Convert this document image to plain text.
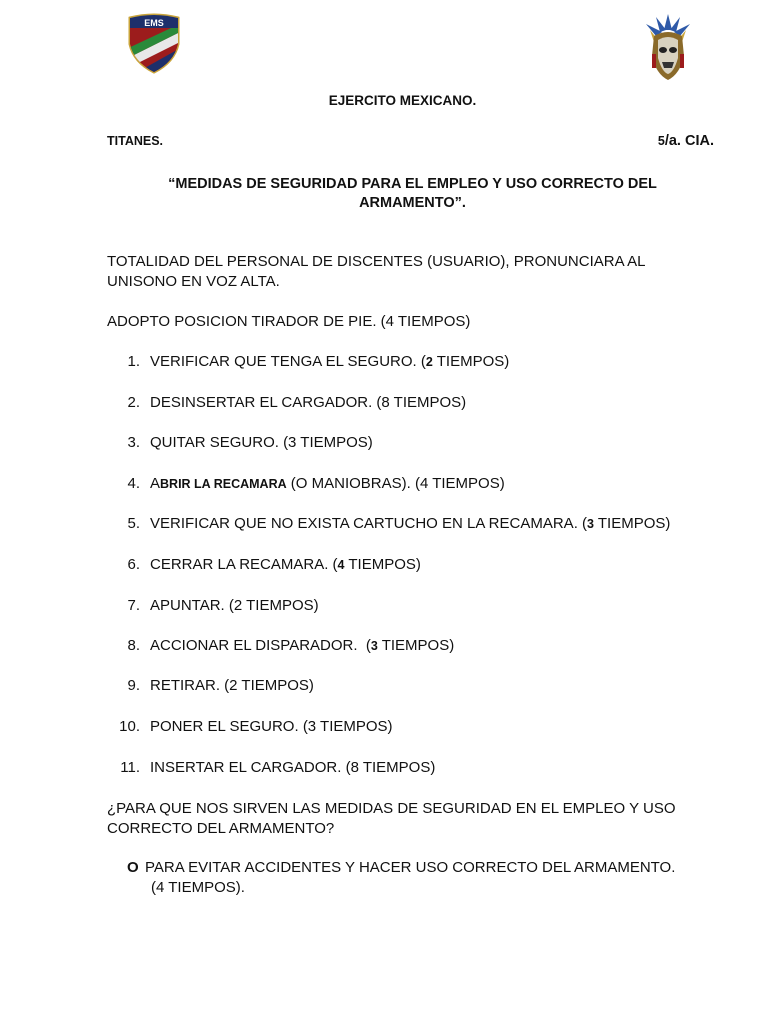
EMS
EJERCITO MEXICANO.
TITANES.	5/a. CIA.
“MEDIDAS DE SEGURIDAD PARA EL EMPLEO Y USO CORRECTO DEL ARMAMENTO”.
TOTALIDAD DEL PERSONAL DE DISCENTES (USUARIO), PRONUNCIARA AL UNISONO EN VOZ ALTA.
ADOPTO POSICION TIRADOR DE PIE. (4 TIEMPOS)
1. VERIFICAR QUE TENGA EL SEGURO. (2 TIEMPOS)
2. DESINSERTAR EL CARGADOR. (8 TIEMPOS)
3. QUITAR SEGURO. (3 TIEMPOS)
4. ABRIR LA RECAMARA (O MANIOBRAS). (4 TIEMPOS)
5. VERIFICAR QUE NO EXISTA CARTUCHO EN LA RECAMARA. (3 TIEMPOS)
6. CERRAR LA RECAMARA. (4 TIEMPOS)
7. APUNTAR. (2 TIEMPOS)
8. ACCIONAR EL DISPARADOR.  (3 TIEMPOS)
9. RETIRAR. (2 TIEMPOS)
10. PONER EL SEGURO. (3 TIEMPOS)
11. INSERTAR EL CARGADOR. (8 TIEMPOS)
¿PARA QUE NOS SIRVEN LAS MEDIDAS DE SEGURIDAD EN EL EMPLEO Y USO CORRECTO DEL ARMAMENTO?
O PARA EVITAR ACCIDENTES Y HACER USO CORRECTO DEL ARMAMENTO.
(4 TIEMPOS).
